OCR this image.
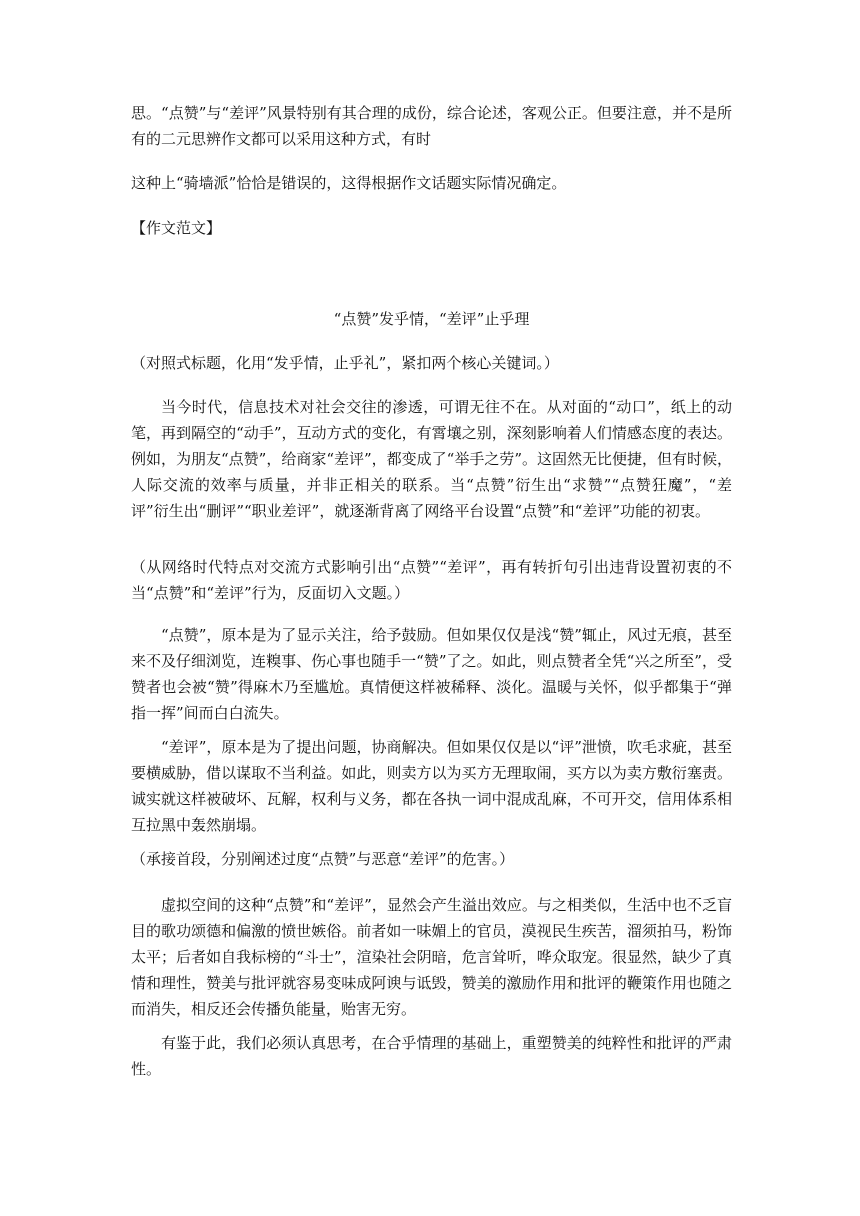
思。“点赞”与“差评”风景特别有其合理的成份，综合论述，客观公正。但要注意，并不是所有的二元思辨作文都可以采用这种方式，有时

这种上“骑墙派”恰恰是错误的，这得根据作文话题实际情况确定。

【作文范文】

“点赞”发乎情，“差评”止乎理

（对照式标题，化用“发乎情，止乎礼”，紧扣两个核心关键词。）

当今时代，信息技术对社会交往的渗透，可谓无往不在。从对面的“动口”，纸上的动笔，再到隔空的“动手”，互动方式的变化，有霄壤之别，深刻影响着人们情感态度的表达。例如，为朋友“点赞”，给商家“差评”，都变成了“举手之劳”。这固然无比便捷，但有时候，人际交流的效率与质量，并非正相关的联系。当“点赞”衍生出“求赞”“点赞狂魔”，“差评”衍生出“删评”“职业差评”，就逐渐背离了网络平台设置“点赞”和“差评”功能的初衷。

（从网络时代特点对交流方式影响引出“点赞”“差评”，再有转折句引出违背设置初衷的不当“点赞”和“差评”行为，反面切入文题。）

“点赞”，原本是为了显示关注，给予鼓励。但如果仅仅是浅“赞”辄止，风过无痕，甚至来不及仔细浏览，连糗事、伤心事也随手一“赞”了之。如此，则点赞者全凭“兴之所至”，受赞者也会被“赞”得麻木乃至尴尬。真情便这样被稀释、淡化。温暖与关怀，似乎都集于“弹指一挥”间而白白流失。

“差评”，原本是为了提出问题，协商解决。但如果仅仅是以“评”泄愤，吹毛求疵，甚至要横威胁，借以谋取不当利益。如此，则卖方以为买方无理取闹，买方以为卖方敷衍塞责。诚实就这样被破坏、瓦解，权利与义务，都在各执一词中混成乱麻，不可开交，信用体系相互拉黑中轰然崩塌。

（承接首段，分别阐述过度“点赞”与恶意“差评”的危害。）

虚拟空间的这种“点赞”和“差评”，显然会产生溢出效应。与之相类似，生活中也不乏盲目的歌功颂德和偏激的愤世嫉俗。前者如一味媚上的官员，漠视民生疾苦，溜须拍马，粉饰太平；后者如自我标榜的“斗士”，渲染社会阴暗，危言耸听，哗众取宠。很显然，缺少了真情和理性，赞美与批评就容易变味成阿谀与诋毁，赞美的激励作用和批评的鞭策作用也随之而消失，相反还会传播负能量，贻害无穷。

有鉴于此，我们必须认真思考，在合乎情理的基础上，重塑赞美的纯粹性和批评的严肃性。
